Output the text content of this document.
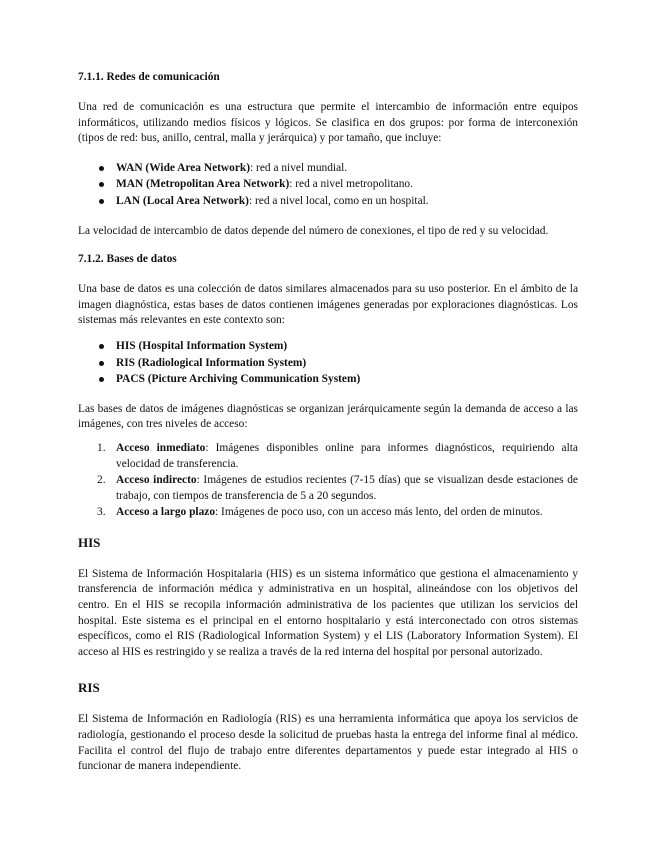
7.1.1. Redes de comunicación

Una red de comunicación es una estructura que permite el intercambio de información entre equipos informáticos, utilizando medios físicos y lógicos. Se clasifica en dos grupos: por forma de interconexión (tipos de red: bus, anillo, central, malla y jerárquica) y por tamaño, que incluye:

WAN (Wide Area Network): red a nivel mundial.
MAN (Metropolitan Area Network): red a nivel metropolitano.
LAN (Local Area Network): red a nivel local, como en un hospital.

La velocidad de intercambio de datos depende del número de conexiones, el tipo de red y su velocidad.

7.1.2. Bases de datos

Una base de datos es una colección de datos similares almacenados para su uso posterior. En el ámbito de la imagen diagnóstica, estas bases de datos contienen imágenes generadas por exploraciones diagnósticas. Los sistemas más relevantes en este contexto son:

HIS (Hospital Information System)
RIS (Radiological Information System)
PACS (Picture Archiving Communication System)

Las bases de datos de imágenes diagnósticas se organizan jerárquicamente según la demanda de acceso a las imágenes, con tres niveles de acceso:

1. Acceso inmediato: Imágenes disponibles online para informes diagnósticos, requiriendo alta velocidad de transferencia.
2. Acceso indirecto: Imágenes de estudios recientes (7-15 días) que se visualizan desde estaciones de trabajo, con tiempos de transferencia de 5 a 20 segundos.
3. Acceso a largo plazo: Imágenes de poco uso, con un acceso más lento, del orden de minutos.
HIS

El Sistema de Información Hospitalaria (HIS) es un sistema informático que gestiona el almacenamiento y transferencia de información médica y administrativa en un hospital, alineándose con los objetivos del centro. En el HIS se recopila información administrativa de los pacientes que utilizan los servicios del hospital. Este sistema es el principal en el entorno hospitalario y está interconectado con otros sistemas específicos, como el RIS (Radiological Information System) y el LIS (Laboratory Information System). El acceso al HIS es restringido y se realiza a través de la red interna del hospital por personal autorizado.

RIS

El Sistema de Información en Radiología (RIS) es una herramienta informática que apoya los servicios de radiología, gestionando el proceso desde la solicitud de pruebas hasta la entrega del informe final al médico. Facilita el control del flujo de trabajo entre diferentes departamentos y puede estar integrado al HIS o funcionar de manera independiente.
